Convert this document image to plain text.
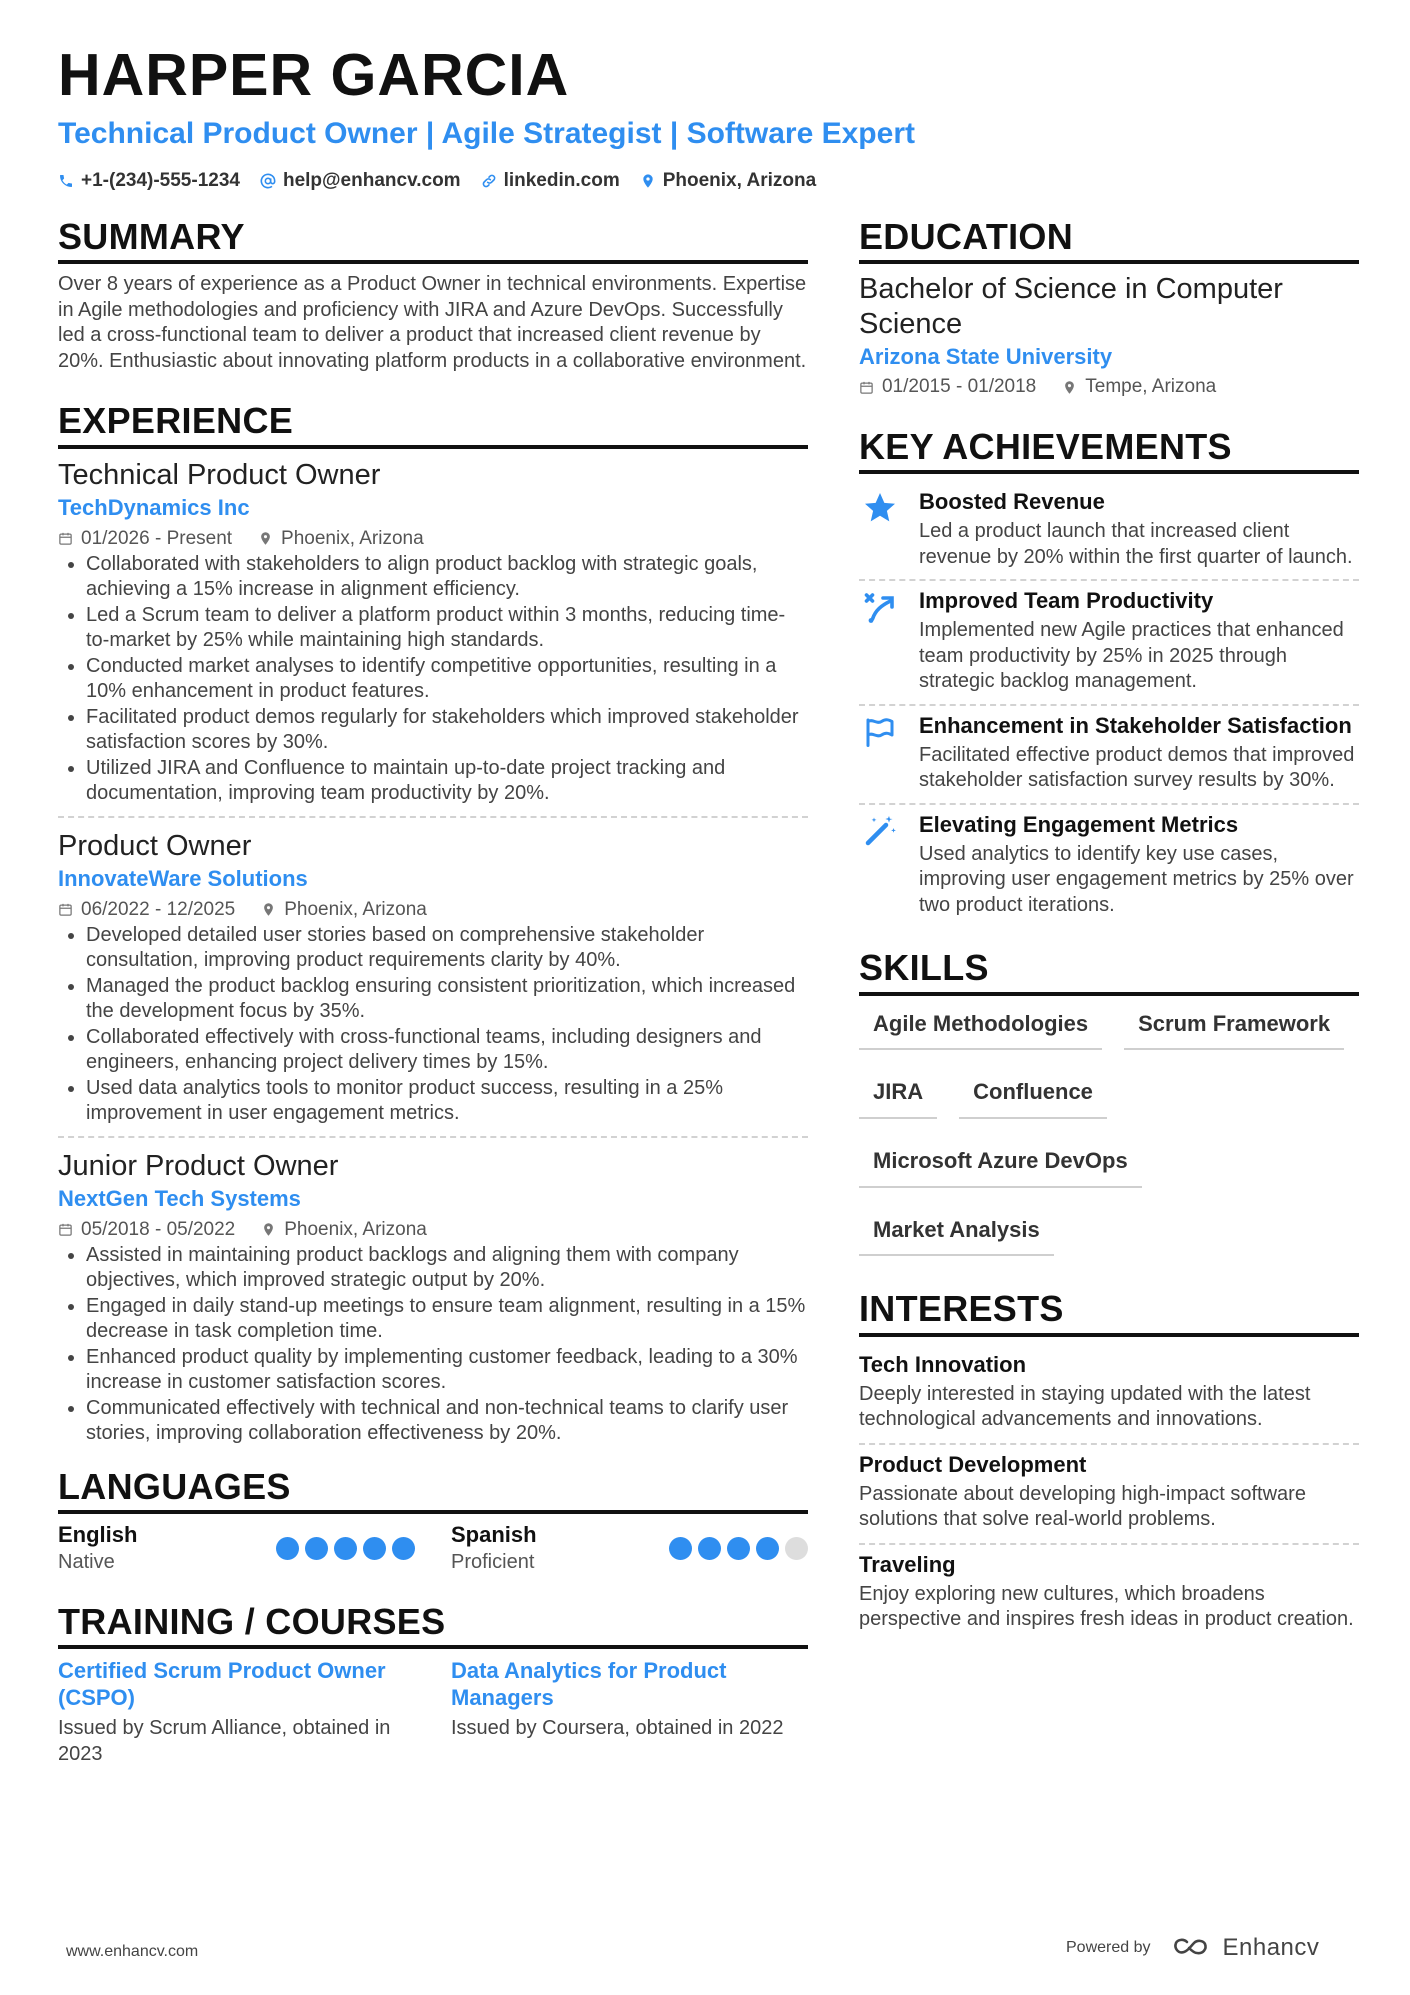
HARPER GARCIA
Technical Product Owner | Agile Strategist | Software Expert
+1-(234)-555-1234 help@enhancv.com linkedin.com Phoenix, Arizona
SUMMARY
Over 8 years of experience as a Product Owner in technical environments. Expertise in Agile methodologies and proficiency with JIRA and Azure DevOps. Successfully led a cross-functional team to deliver a product that increased client revenue by 20%. Enthusiastic about innovating platform products in a collaborative environment.
EXPERIENCE
Technical Product Owner
TechDynamics Inc
01/2026 - Present	Phoenix, Arizona
• Collaborated with stakeholders to align product backlog with strategic goals, achieving a 15% increase in alignment efficiency.
• Led a Scrum team to deliver a platform product within 3 months, reducing time-to-market by 25% while maintaining high standards.
• Conducted market analyses to identify competitive opportunities, resulting in a 10% enhancement in product features.
• Facilitated product demos regularly for stakeholders which improved stakeholder satisfaction scores by 30%.
• Utilized JIRA and Confluence to maintain up-to-date project tracking and documentation, improving team productivity by 20%.
Product Owner
InnovateWare Solutions
06/2022 - 12/2025	Phoenix, Arizona
• Developed detailed user stories based on comprehensive stakeholder consultation, improving product requirements clarity by 40%.
• Managed the product backlog ensuring consistent prioritization, which increased the development focus by 35%.
• Collaborated effectively with cross-functional teams, including designers and engineers, enhancing project delivery times by 15%.
• Used data analytics tools to monitor product success, resulting in a 25% improvement in user engagement metrics.
Junior Product Owner
NextGen Tech Systems
05/2018 - 05/2022	Phoenix, Arizona
• Assisted in maintaining product backlogs and aligning them with company objectives, which improved strategic output by 20%.
• Engaged in daily stand-up meetings to ensure team alignment, resulting in a 15% decrease in task completion time.
• Enhanced product quality by implementing customer feedback, leading to a 30% increase in customer satisfaction scores.
• Communicated effectively with technical and non-technical teams to clarify user stories, improving collaboration effectiveness by 20%.
LANGUAGES
English
Native
Spanish
Proficient
TRAINING / COURSES
Certified Scrum Product Owner (CSPO)
Issued by Scrum Alliance, obtained in 2023
Data Analytics for Product Managers
Issued by Coursera, obtained in 2022
EDUCATION
Bachelor of Science in Computer Science
Arizona State University
01/2015 - 01/2018	Tempe, Arizona
KEY ACHIEVEMENTS
Boosted Revenue
Led a product launch that increased client revenue by 20% within the first quarter of launch.
Improved Team Productivity
Implemented new Agile practices that enhanced team productivity by 25% in 2025 through strategic backlog management.
Enhancement in Stakeholder Satisfaction
Facilitated effective product demos that improved stakeholder satisfaction survey results by 30%.
Elevating Engagement Metrics
Used analytics to identify key use cases, improving user engagement metrics by 25% over two product iterations.
SKILLS
Agile Methodologies	Scrum Framework
JIRA	Confluence
Microsoft Azure DevOps
Market Analysis
INTERESTS
Tech Innovation
Deeply interested in staying updated with the latest technological advancements and innovations.
Product Development
Passionate about developing high-impact software solutions that solve real-world problems.
Traveling
Enjoy exploring new cultures, which broadens perspective and inspires fresh ideas in product creation.
www.enhancv.com	Powered by	Enhancv
